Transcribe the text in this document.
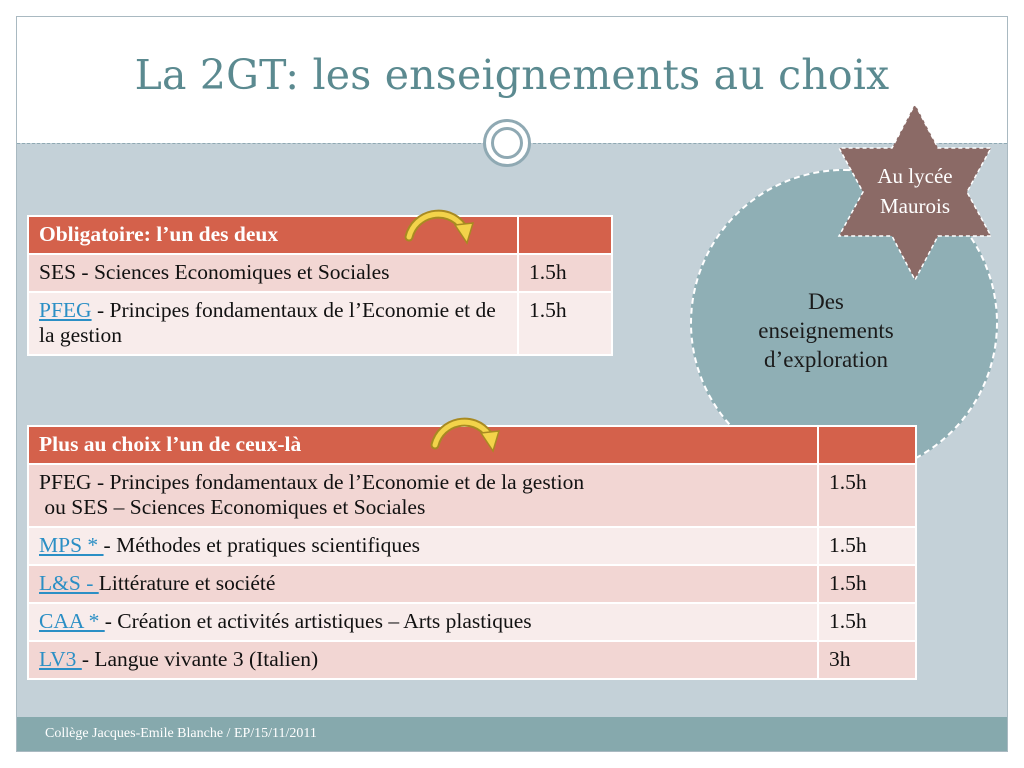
La 2GT: les enseignements au choix
Des
enseignements
d’exploration
Au lycée
Maurois
Obligatoire: l’un des deux	
SES - Sciences Economiques et Sociales	1.5h
PFEG - Principes fondamentaux de l’Economie et de la gestion	1.5h
Plus au choix l’un de ceux-là	

PFEG - Principes fondamentaux de l’Economie et de la gestion
ou SES – Sciences Economiques et Sociales	1.5h
MPS * - Méthodes et pratiques scientifiques	1.5h
L&S - Littérature et société	1.5h
CAA * - Création et activités artistiques – Arts plastiques	1.5h
LV3 - Langue vivante 3 (Italien)	3h
Collège Jacques-Emile Blanche / EP/15/11/2011
